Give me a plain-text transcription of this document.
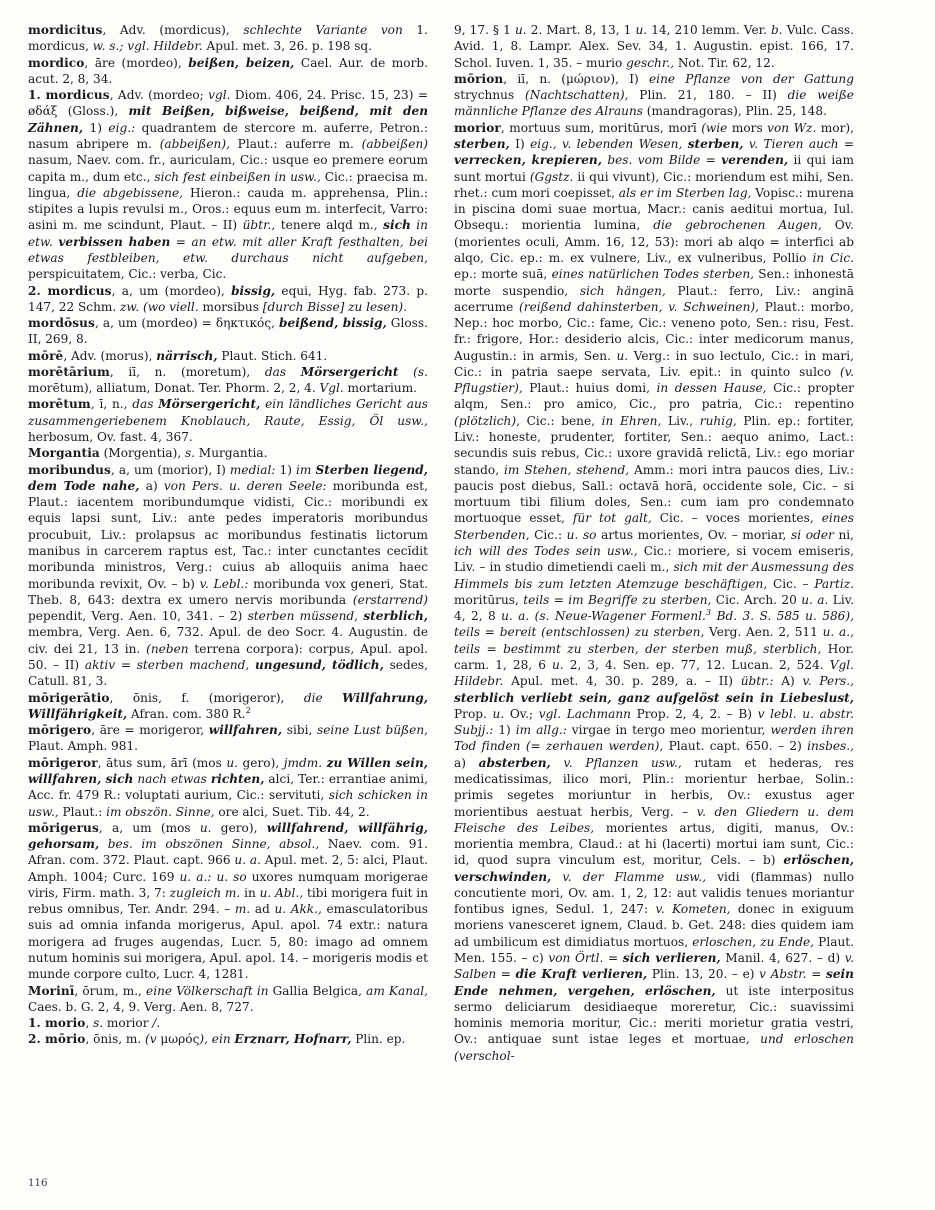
mordicitus, Adv. (mordicus), schlechte Variante von 1. mordicus, w. s.; vgl. Hildebr. Apul. met. 3, 26. p. 198 sq.

mordico, āre (mordeo), beißen, beizen, Cael. Aur. de morb. acut. 2, 8, 34.

1. mordicus, Adv. (mordeo; vgl. Diom. 406, 24. Prisc. 15, 23) = øδάξ (Gloss.), mit Beißen, bißweise, beißend, mit den Zähnen, 1) eig.: quadrantem de stercore m. auferre, Petron.: nasum abripere m. (abbeißen), Plaut.: auferre m. (abbeißen) nasum, Naev. com. fr., auriculam, Cic.: usque eo premere eorum capita m., dum etc., sich fest einbeißen in usw., Cic.: praecisa m. lingua, die abgebissene, Hieron.: cauda m. apprehensa, Plin.: stipites a lupis revulsi m., Oros.: equus eum m. interfecit, Varro: asini m. me scindunt, Plaut. – II) übtr., tenere alqd m., sich in etw. verbissen haben = an etw. mit aller Kraft festhalten, bei etwas festbleiben, etw. durchaus nicht aufgeben, perspicuitatem, Cic.: verba, Cic.

2. mordicus, a, um (mordeo), bissig, equi, Hyg. fab. 273. p. 147, 22 Schm. zw. (wo viell. morsibus [durch Bisse] zu lesen).

mordōsus, a, um (mordeo) = δηκτικός, beißend, bissig, Gloss. II, 269, 8.

mōrē, Adv. (morus), närrisch, Plaut. Stich. 641.

morētārium, iī, n. (moretum), das Mörsergericht (s. morētum), alliatum, Donat. Ter. Phorm. 2, 2, 4. Vgl. mortarium.

morētum, ī, n., das Mörsergericht, ein ländliches Gericht aus zusammengeriebenem Knoblauch, Raute, Essig, Öl usw., herbosum, Ov. fast. 4, 367.

Morgantia (Morgentia), s. Murgantia.

moribundus, a, um (morior), I) medial: 1) im Sterben liegend, dem Tode nahe, a) von Pers. u. deren Seele: moribunda est, Plaut.: iacentem moribundumque vidisti, Cic.: moribundi ex equis lapsi sunt, Liv.: ante pedes imperatoris moribundus procubuit, Liv.: prolapsus ac moribundus festinatis lictorum manibus in carcerem raptus est, Tac.: inter cunctantes cecĭdit moribunda ministros, Verg.: cuius ab alloquiis anima haec moribunda revixit, Ov. – b) v. Lebl.: moribunda vox generi, Stat. Theb. 8, 643: dextra ex umero nervis moribunda (erstarrend) pependit, Verg. Aen. 10, 341. – 2) sterben müssend, sterblich, membra, Verg. Aen. 6, 732. Apul. de deo Socr. 4. Augustin. de civ. dei 21, 13 in. (neben terrena corpora): corpus, Apul. apol. 50. – II) aktiv = sterben machend, ungesund, tödlich, sedes, Catull. 81, 3.

mōrigerātio, ōnis, f. (morigeror), die Willfahrung, Willfährigkeit, Afran. com. 380 R.$^2$

mōrigero, āre = morigeror, willfahren, sibi, seine Lust büßen, Plaut. Amph. 981.

mōrigeror, ātus sum, ārī (mos u. gero), jmdm. zu Willen sein, willfahren, sich nach etwas richten, alci, Ter.: errantiae animi, Acc. fr. 479 R.: voluptati aurium, Cic.: servituti, sich schicken in usw., Plaut.: im obszön. Sinne, ore alci, Suet. Tib. 44, 2.

mōrigerus, a, um (mos u. gero), willfahrend, willfährig, gehorsam, bes. im obszönen Sinne, absol., Naev. com. 91. Afran. com. 372. Plaut. capt. 966 u. a. Apul. met. 2, 5: alci, Plaut. Amph. 1004; Curc. 169 u. a.: u. so uxores numquam morigerae viris, Firm. math. 3, 7: zugleich m. in u. Abl., tibi morigera fuit in rebus omnibus, Ter. Andr. 294. – m. ad u. Akk., emasculatoribus suis ad omnia infanda morigerus, Apul. apol. 74 extr.: natura morigera ad fruges augendas, Lucr. 5, 80: imago ad omnem nutum hominis sui morigera, Apul. apol. 14. – morigeris modis et munde corpore culto, Lucr. 4, 1281.

Morinī, ōrum, m., eine Völkerschaft in Gallia Belgica, am Kanal, Caes. b. G. 2, 4, 9. Verg. Aen. 8, 727.

1. morio, s. morior /.

2. mōrio, ōnis, m. (v μωρός), ein Erznarr, Hofnarr, Plin. ep.

9, 17. § 1 u. 2. Mart. 8, 13, 1 u. 14, 210 lemm. Ver. b. Vulc. Cass. Avid. 1, 8. Lampr. Alex. Sev. 34, 1. Augustin. epist. 166, 17. Schol. Iuven. 1, 35. – murio geschr., Not. Tir. 62, 12.

mōrion, iī, n. (μώριον), I) eine Pflanze von der Gattung strychnus (Nachtschatten), Plin. 21, 180. – II) die weiße männliche Pflanze des Alrauns (mandragoras), Plin. 25, 148.

morior, mortuus sum, moritūrus, morī (wie mors von Wz. mor), sterben, I) eig., v. lebenden Wesen, sterben, v. Tieren auch = verrecken, krepieren, bes. vom Bilde = verenden, ii qui iam sunt mortui (Ggstz. ii qui vivunt), Cic.: moriendum est mihi, Sen. rhet.: cum mori coepisset, als er im Sterben lag, Vopisc.: murena in piscina domi suae mortua, Macr.: canis aeditui mortua, Iul. Obsequ.: morientia lumina, die gebrochenen Augen, Ov. (morientes oculi, Amm. 16, 12, 53): mori ab alqo = interfici ab alqo, Cic. ep.: m. ex vulnere, Liv., ex vulneribus, Pollio in Cic. ep.: morte suā, eines natürlichen Todes sterben, Sen.: inhonestā morte suspendio, sich hängen, Plaut.: ferro, Liv.: anginā acerrume (reißend dahinsterben, v. Schweinen), Plaut.: morbo, Nep.: hoc morbo, Cic.: fame, Cic.: veneno poto, Sen.: risu, Fest. fr.: frigore, Hor.: desiderio alcis, Cic.: inter medicorum manus, Augustin.: in armis, Sen. u. Verg.: in suo lectulo, Cic.: in mari, Cic.: in patria saepe servata, Liv. epit.: in quinto sulco (v. Pflugstier), Plaut.: huius domi, in dessen Hause, Cic.: propter alqm, Sen.: pro amico, Cic., pro patria, Cic.: repentino (plötzlich), Cic.: bene, in Ehren, Liv., ruhig, Plin. ep.: fortiter, Liv.: honeste, prudenter, fortiter, Sen.: aequo animo, Lact.: secundis suis rebus, Cic.: uxore gravidā relictā, Liv.: ego moriar stando, im Stehen, stehend, Amm.: mori intra paucos dies, Liv.: paucis post diebus, Sall.: octavā horā, occidente sole, Cic. – si mortuum tibi filium doles, Sen.: cum iam pro condemnato mortuoque esset, für tot galt, Cic. – voces morientes, eines Sterbenden, Cic.: u. so artus morientes, Ov. – moriar, si oder ni, ich will des Todes sein usw., Cic.: moriere, si vocem emiseris, Liv. – in studio dimetiendi caeli m., sich mit der Ausmessung des Himmels bis zum letzten Atemzuge beschäftigen, Cic. – Partiz. moritūrus, teils = im Begriffe zu sterben, Cic. Arch. 20 u. a. Liv. 4, 2, 8 u. a. (s. Neue-Wagener Formenl.$^3$ Bd. 3. S. 585 u. 586), teils = bereit (entschlossen) zu sterben, Verg. Aen. 2, 511 u. a., teils = bestimmt zu sterben, der sterben muß, sterblich, Hor. carm. 1, 28, 6 u. 2, 3, 4. Sen. ep. 77, 12. Lucan. 2, 524. Vgl. Hildebr. Apul. met. 4, 30. p. 289, a. – II) übtr.: A) v. Pers., sterblich verliebt sein, ganz aufgelöst sein in Liebeslust, Prop. u. Ov.; vgl. Lachmann Prop. 2, 4, 2. – B) v lebl. u. abstr. Subjj.: 1) im allg.: virgae in tergo meo morientur, werden ihren Tod finden (= zerhauen werden), Plaut. capt. 650. – 2) insbes., a) absterben, v. Pflanzen usw., rutam et hederas, res medicatissimas, ilico mori, Plin.: morientur herbae, Solin.: primis segetes moriuntur in herbis, Ov.: exustus ager morientibus aestuat herbis, Verg. – v. den Gliedern u. dem Fleische des Leibes, morientes artus, digiti, manus, Ov.: morientia membra, Claud.: at hi (lacerti) mortui iam sunt, Cic.: id, quod supra vinculum est, moritur, Cels. – b) erlöschen, verschwinden, v. der Flamme usw., vidi (flammas) nullo concutiente mori, Ov. am. 1, 2, 12: aut validis tenues moriantur fontibus ignes, Sedul. 1, 247: v. Kometen, donec in exiguum moriens vanesceret ignem, Claud. b. Get. 248: dies quidem iam ad umbilicum est dimidiatus mortuos, erloschen, zu Ende, Plaut. Men. 155. – c) von Örtl. = sich verlieren, Manil. 4, 627. – d) v. Salben = die Kraft verlieren, Plin. 13, 20. – e) v Abstr. = sein Ende nehmen, vergehen, erlöschen, ut iste interpositus sermo deliciarum desidiaeque moreretur, Cic.: suavissimi hominis memoria moritur, Cic.: meriti morietur gratia vestri, Ov.: antiquae sunt istae leges et mortuae, und erloschen (verschol-

116
